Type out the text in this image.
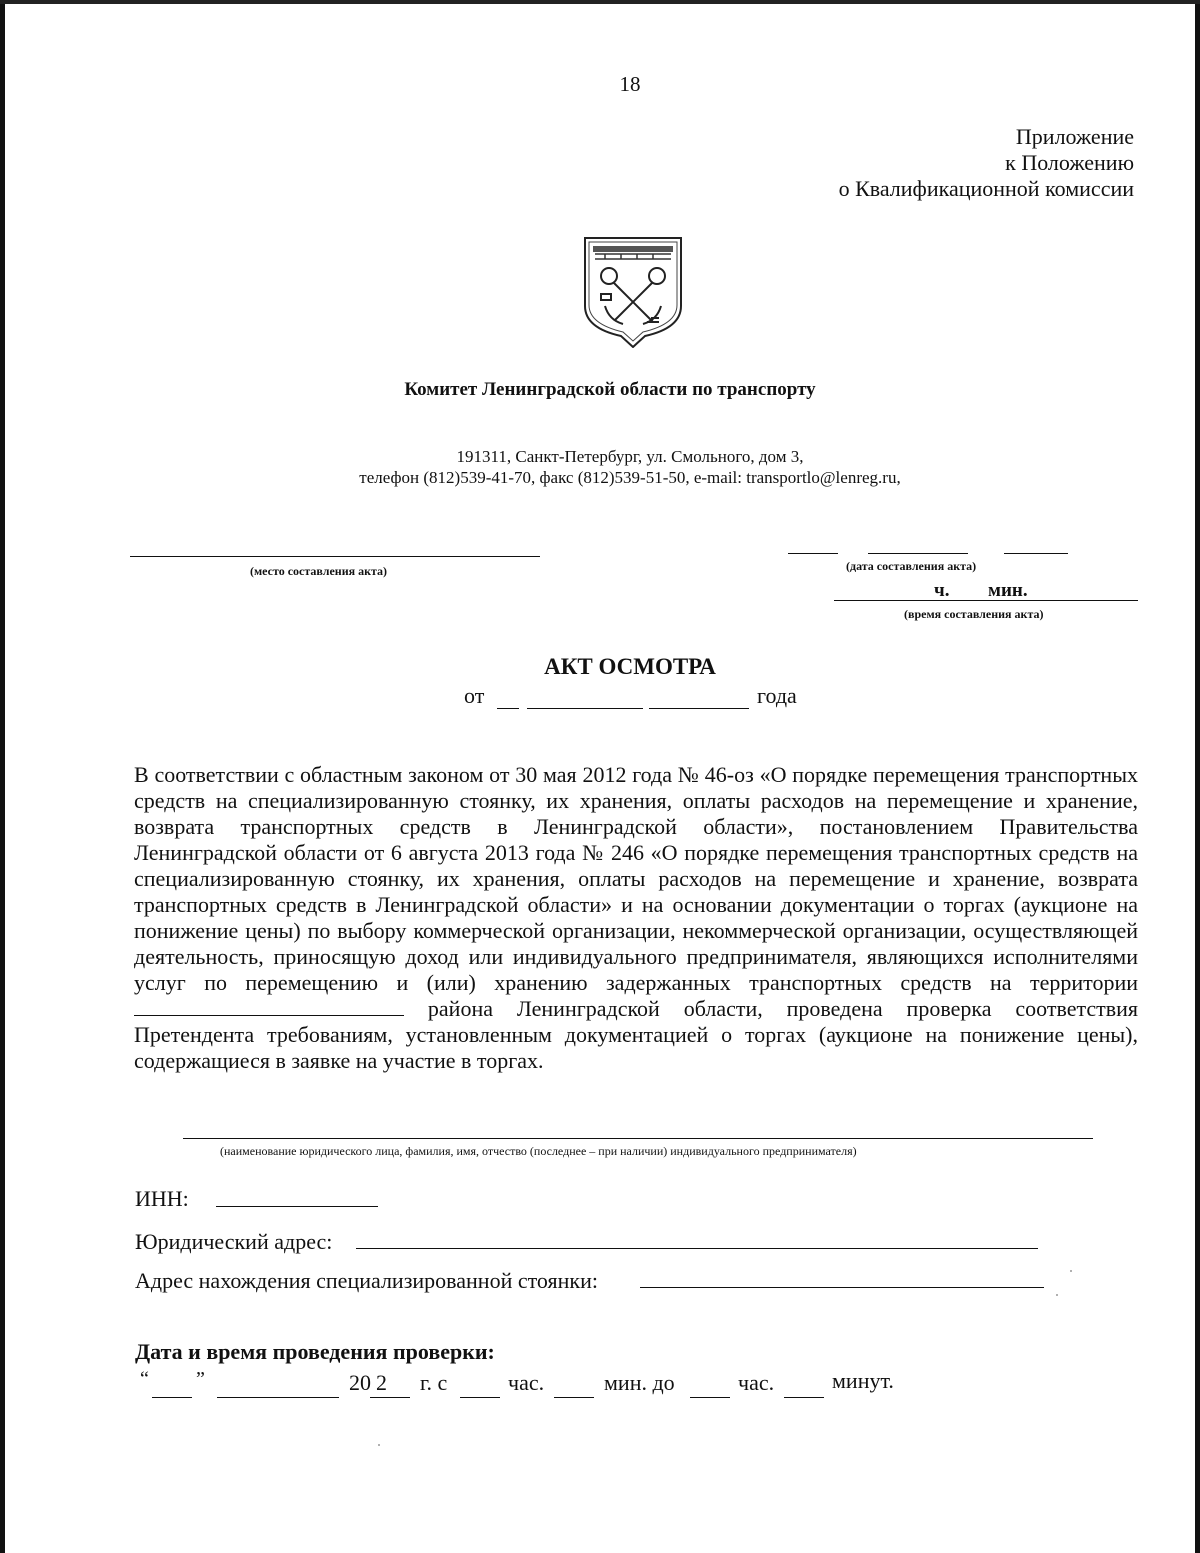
18
Приложение
к Положению
о Квалификационной комиссии
Комитет Ленинградской области по транспорту
191311, Санкт-Петербург, ул. Смольного, дом 3,
телефон (812)539-41-70, факс (812)539-51-50, e-mail: transportlo@lenreg.ru,
(место составления акта)	(дата составления акта)
ч. мин.
(время составления акта)
АКТ ОСМОТРА
от	года

В соответствии с областным законом от 30 мая 2012 года № 46-оз «О порядке перемещения транспортных средств на специализированную стоянку, их хранения, оплаты расходов на перемещение и хранение, возврата транспортных средств в Ленинградской области», постановлением Правительства Ленинградской области от 6 августа 2013 года № 246 «О порядке перемещения транспортных средств на специализированную стоянку, их хранения, оплаты расходов на перемещение и хранение, возврата транспортных средств в Ленинградской области» и на основании документации о торгах (аукционе на понижение цены) по выбору коммерческой организации, некоммерческой организации, осуществляющей деятельность, приносящую доход или индивидуального предпринимателя, являющихся исполнителями услуг по перемещению и (или) хранению задержанных транспортных средств на территории  района Ленинградской области, проведена проверка соответствия Претендента требованиям, установленным документацией о торгах (аукционе на понижение цены), содержащиеся в заявке на участие в торгах.

(наименование юридического лица, фамилия, имя, отчество (последнее – при наличии) индивидуального предпринимателя)
ИНН:
Юридический адрес:
Адрес нахождения специализированной стоянки:
Дата и время проведения проверки:
“ ”	20 2 г. с	час.	мин. до	час.	минут.
